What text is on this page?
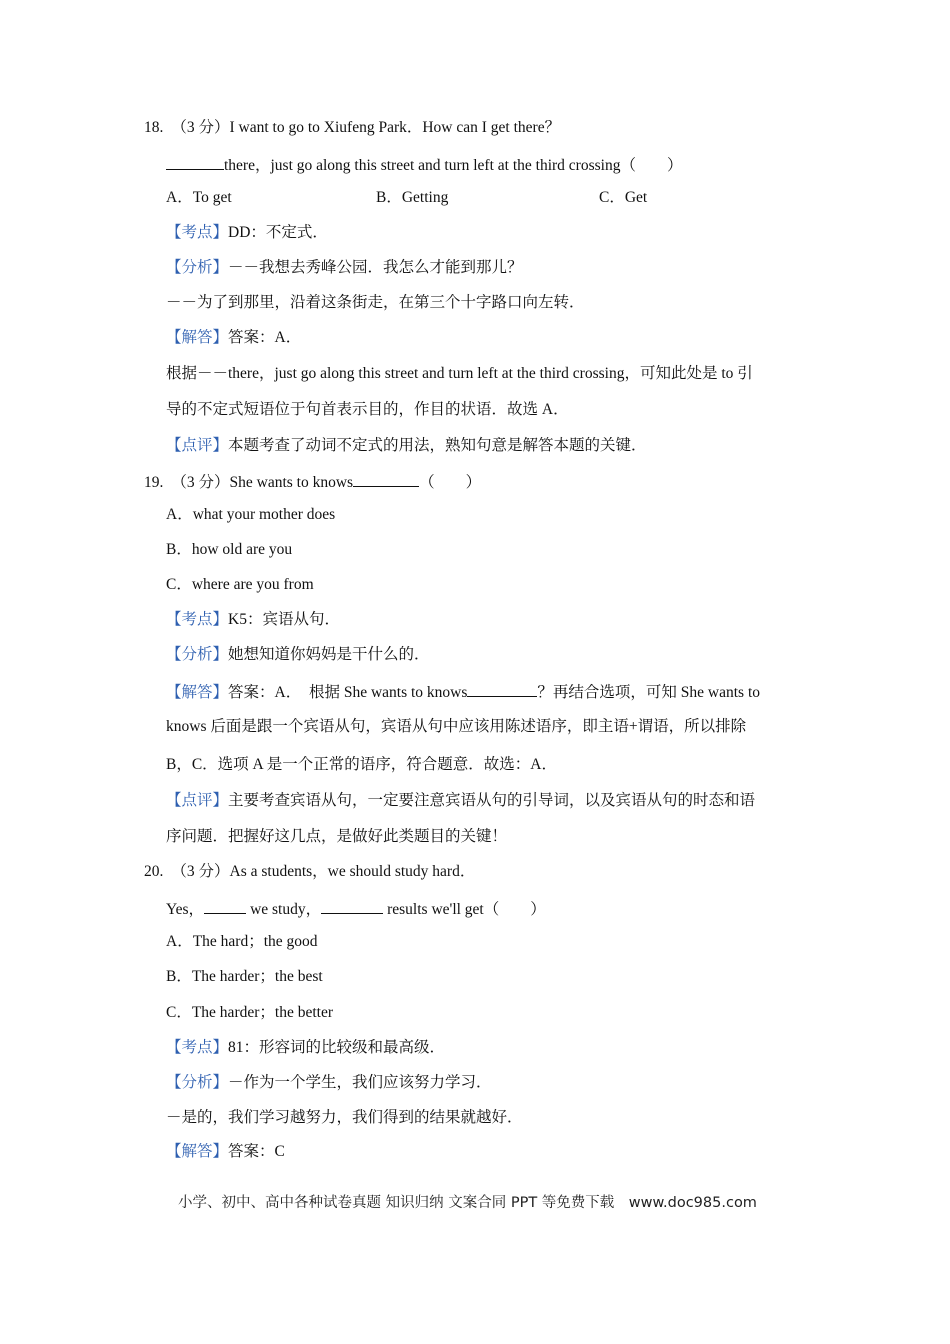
18. （3 分）I want to go to Xiufeng Park．How can I get there？
there，just go along this street and turn left at the third crossing（　　）
A．To get	B．Getting	C．Get
【考点】DD：不定式．
【分析】－－我想去秀峰公园．我怎么才能到那儿？
－－为了到那里，沿着这条街走，在第三个十字路口向左转．
【解答】答案：A．
根据－－there，just go along this street and turn left at the third crossing，可知此处是 to 引
导的不定式短语位于句首表示目的，作目的状语．故选 A．
【点评】本题考查了动词不定式的用法，熟知句意是解答本题的关键．
19. （3 分）She wants to knows	（　　）
A．what your mother does
B．how old are you
C．where are you from
【考点】K5：宾语从句．
【分析】她想知道你妈妈是干什么的．
【解答】答案：A．　根据 She wants to knows	？再结合选项，可知 She wants to
knows 后面是跟一个宾语从句，宾语从句中应该用陈述语序，即主语+谓语，所以排除
B，C．选项 A 是一个正常的语序，符合题意．故选：A．
【点评】主要考查宾语从句，一定要注意宾语从句的引导词，以及宾语从句的时态和语
序问题．把握好这几点，是做好此类题目的关键！
20. （3 分）As a students，we should study hard．
Yes，	we study，	results we'll get（　　）
A．The hard；the good
B．The harder；the best
C．The harder；the better
【考点】81：形容词的比较级和最高级．
【分析】－作为一个学生，我们应该努力学习．
－是的，我们学习越努力，我们得到的结果就越好．
【解答】答案：C
小学、初中、高中各种试卷真题 知识归纳 文案合同 PPT 等免费下载　www.doc985.com
